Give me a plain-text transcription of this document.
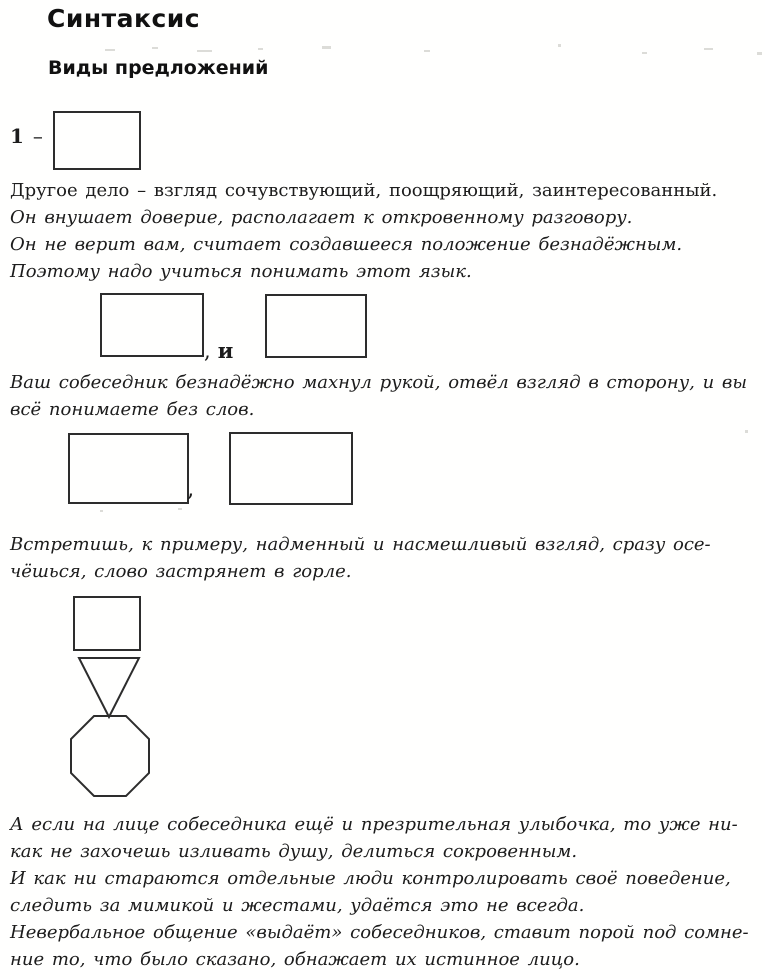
Синтаксис
Виды предложений
1 –
Другое дело – взгляд сочувствующий, поощряющий, заинтересованный.
Он внушает доверие, располагает к откровенному разговору.
Он не верит вам, считает создавшееся положение безнадёжным.
Поэтому надо учиться понимать этот язык.
, и
Ваш собеседник безнадёжно махнул рукой, отвёл взгляд в сторону, и вы
всё понимаете без слов.
,
Встретишь, к примеру, надменный и насмешливый взгляд, сразу осе-
чёшься, слово застрянет в горле.
А если на лице собеседника ещё и презрительная улыбочка, то уже ни-
как не захочешь изливать душу, делиться сокровенным.
И как ни стараются отдельные люди контролировать своё поведение,
следить за мимикой и жестами, удаётся это не всегда.
Невербальное общение «выдаёт» собеседников, ставит порой под сомне-
ние то, что было сказано, обнажает их истинное лицо.
